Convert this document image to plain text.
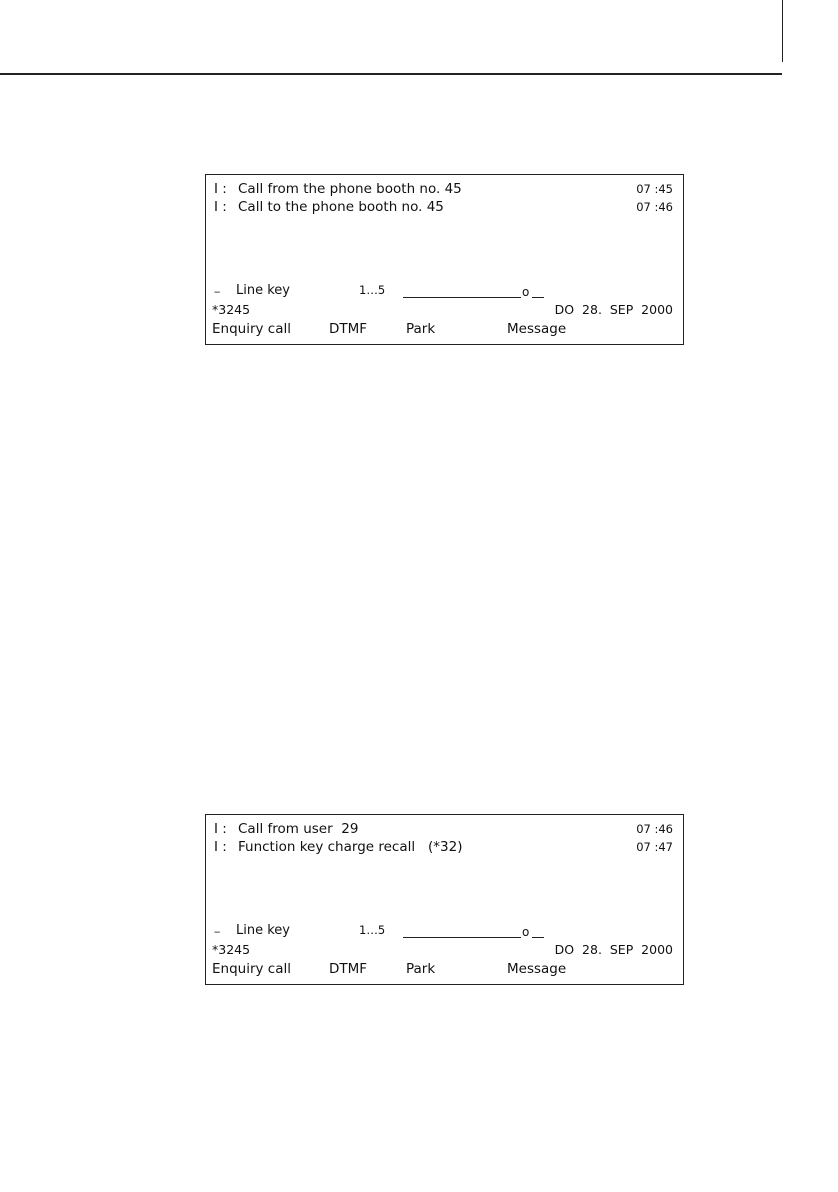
I : Call from the phone booth no. 45	07 :45
I : Call to the phone booth no. 45	07 :46
-- Line key	1…5	o
*3245	DO  28.  SEP  2000
Enquiry call	DTMF	Park	Message
I : Call from user  29	07 :46
I : Function key charge recall   (*32)	07 :47
-- Line key	1…5	o
*3245	DO  28.  SEP  2000
Enquiry call	DTMF	Park	Message
